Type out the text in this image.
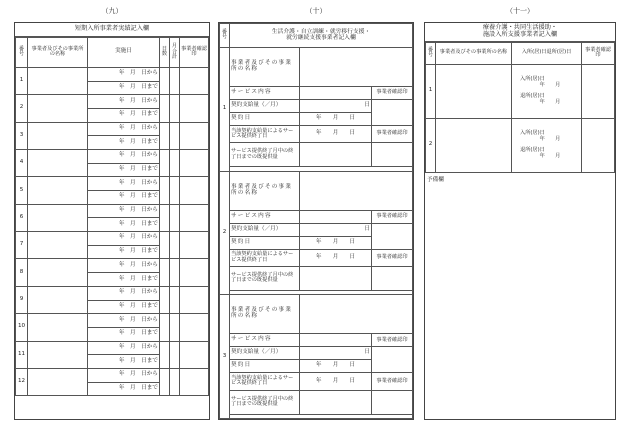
（九）
短期入所事業者実績記入欄
番号	事業者及びその事業所の名称	実施日	日数	月合計	事業者確認印
1		年　月　日から			
		年　月　日まで			
2		年　月　日から			
		年　月　日まで			
3		年　月　日から			
		年　月　日まで			
4		年　月　日から			
		年　月　日まで			
5		年　月　日から			
		年　月　日まで			
6		年　月　日から			
		年　月　日まで			
7		年　月　日から			
		年　月　日まで			
8		年　月　日から			
		年　月　日まで			
9		年　月　日から			
		年　月　日まで			
10		年　月　日から			
		年　月　日まで			
11		年　月　日から			
		年　月　日まで			
12		年　月　日から			
		年　月　日まで			
（十）
番号	生活介護・自立訓練・就労移行支援・
就労継続支援事業者記入欄		

1	事業者及びその事業所の名称		
	サービス内容		事業者確認印
	契約支給量（／月）	日	
	契約日	年　　月　　日	
	当該契約支給量によるサービス提供終了日	年　　月　　日	事業者確認印
	サービス提供終了月中の終了日までの既提供量		

2	事業者及びその事業所の名称		
	サービス内容		事業者確認印
	契約支給量（／月）	日	
	契約日	年　　月　　日	
	当該契約支給量によるサービス提供終了日	年　　月　　日	事業者確認印
	サービス提供終了月中の終了日までの既提供量		

3	事業者及びその事業所の名称		
	サービス内容		事業者確認印
	契約支給量（／月）	日	
	契約日	年　　月　　日	
	当該契約支給量によるサービス提供終了日	年　　月　　日	事業者確認印
	サービス提供終了月中の終了日までの既提供量		

（十一）
療養介護・共同生活援助・
施設入所支援事業者記入欄
番号	事業者及びその事業所の名称	入所(居)日退所(居)日	事業者確認印
1		入所(居)日
年　　月
退所(居)日
年　　月	

2		入所(居)日
年　　月
退所(居)日
年　　月	

予備欄
